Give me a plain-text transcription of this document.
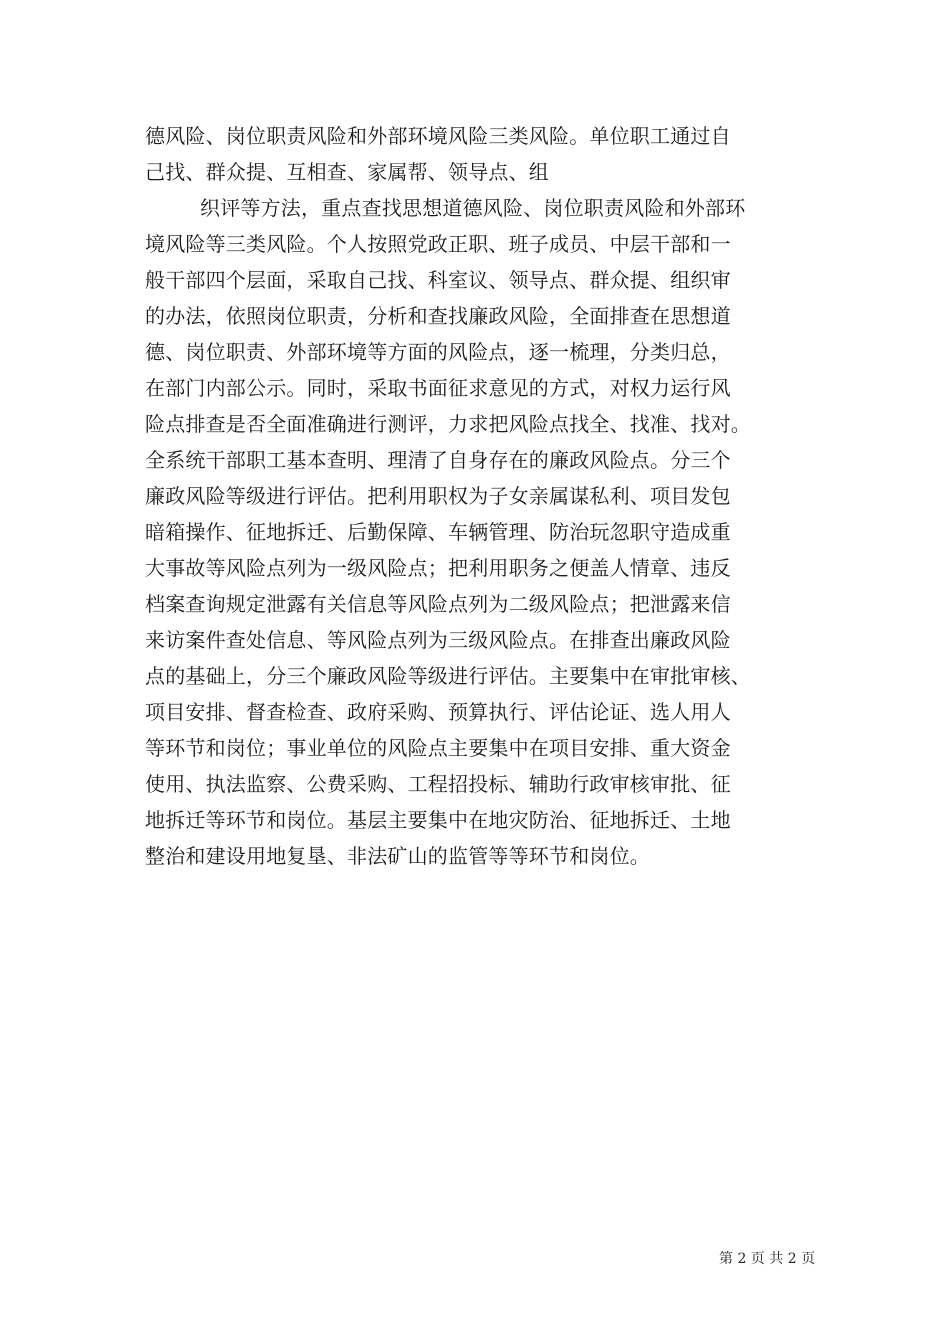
德风险、岗位职责风险和外部环境风险三类风险。单位职工通过自
己找、群众提、互相查、家属帮、领导点、组
织评等方法，重点查找思想道德风险、岗位职责风险和外部环
境风险等三类风险。个人按照党政正职、班子成员、中层干部和一
般干部四个层面，采取自己找、科室议、领导点、群众提、组织审
的办法，依照岗位职责，分析和查找廉政风险，全面排查在思想道
德、岗位职责、外部环境等方面的风险点，逐一梳理，分类归总，
在部门内部公示。同时，采取书面征求意见的方式，对权力运行风
险点排查是否全面准确进行测评，力求把风险点找全、找准、找对。
全系统干部职工基本查明、理清了自身存在的廉政风险点。分三个
廉政风险等级进行评估。把利用职权为子女亲属谋私利、项目发包
暗箱操作、征地拆迁、后勤保障、车辆管理、防治玩忽职守造成重
大事故等风险点列为一级风险点；把利用职务之便盖人情章、违反
档案查询规定泄露有关信息等风险点列为二级风险点；把泄露来信
来访案件查处信息、等风险点列为三级风险点。在排查出廉政风险
点的基础上，分三个廉政风险等级进行评估。主要集中在审批审核、
项目安排、督查检查、政府采购、预算执行、评估论证、选人用人
等环节和岗位；事业单位的风险点主要集中在项目安排、重大资金
使用、执法监察、公费采购、工程招投标、辅助行政审核审批、征
地拆迁等环节和岗位。基层主要集中在地灾防治、征地拆迁、土地
整治和建设用地复垦、非法矿山的监管等等环节和岗位。
第 2 页 共 2 页
